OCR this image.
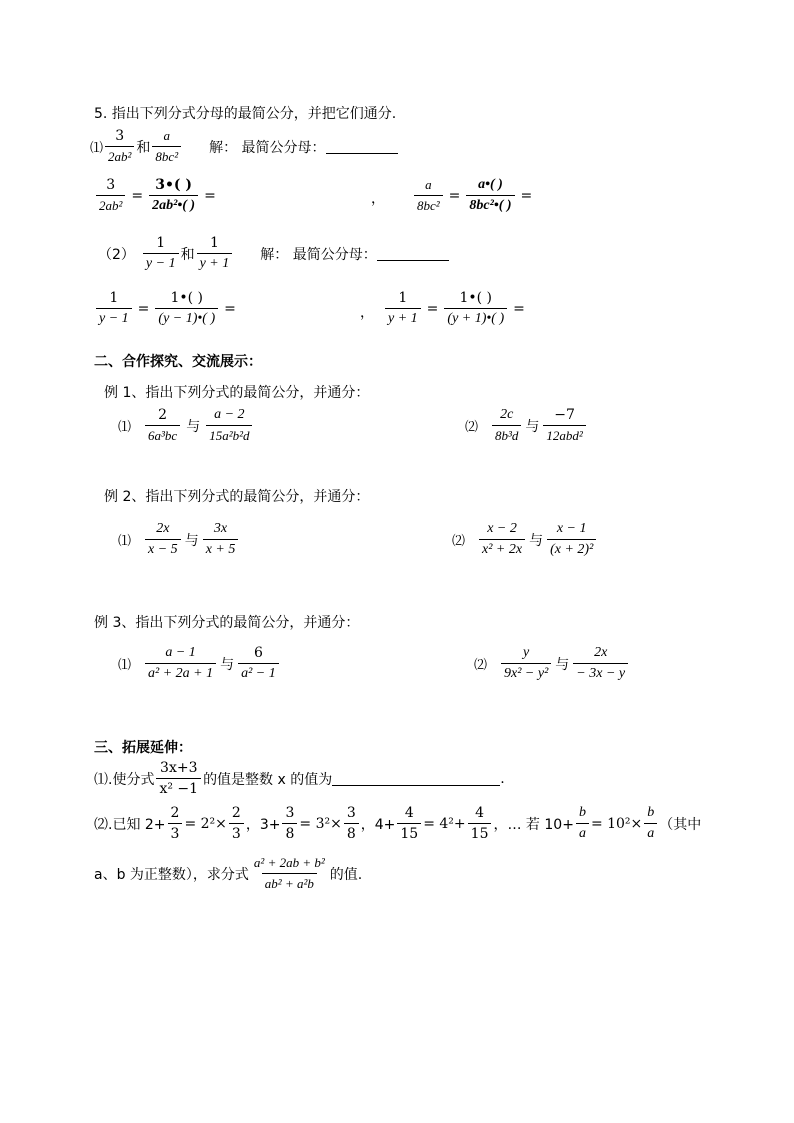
5. 指出下列分式分母的最简公分，并把它们通分.
⑴ $\frac{3}{\text{2ab²}}$ 和 $\frac{a}{\text{8bc²}}$ 解： 最简公分母：
$\frac{3}{\text{2ab²}} = \frac{3•( )}{\text{2ab²•( )}}$ =	， $\frac{a}{\text{8bc²}} = \frac{a•( )}{\text{8bc²•( )}}$ =
$(2) \frac{1}{y - 1}$ 和 $\frac{1}{y + 1}$ 解： 最简公分母：
$\frac{1}{y - 1} = \frac{1•( )}{(y - 1)•( )}$ =	， $\frac{1}{y + 1} = \frac{1•( )}{(y + 1)•( )}$ =
二、合作探究、交流展示：
例 1、指出下列分式的最简公分，并通分：
⑴ $\frac{2}{\text{6a³bc}}$ 与 $\frac{a - 2}{\text{15a²b²d}}$	⑵ $\frac{2c}{\text{8b³d}}$ 与 $\frac{-7}{\text{12abd²}}$
例 2、指出下列分式的最简公分，并通分：
⑴ $\frac{2x}{x - 5}$ 与 $\frac{3x}{x + 5}$	⑵ $\frac{x - 2}{\text{x² + 2x}}$ 与 $\frac{x - 1}{\text{(x + 2)²}}$
例 3、指出下列分式的最简公分，并通分：
⑴ $\frac{a - 1}{\text{a² + 2a + 1}}$ 与 $\frac{6}{\text{a² − 1}}$	⑵ $\frac{y}{\text{9x² − y²}}$ 与 $\frac{2x}{- 3x - y}$
三、拓展延伸：
⑴.使分式 $\frac{3x+3}{\text{x² −1}}$ 的值是整数 x 的值为	.
⑵.已知 $2+ \frac{2}{3} = 2^2\times \frac{2}{3}$ ，$3+ \frac{3}{8} = 3^2\times \frac{3}{8}$ ，$4+ \frac{4}{15} = 4^2+ \frac{4}{15}$ ，… 若 $10+ \frac{b}{a} = 10^2\times \frac{b}{a}$ （其中
a、b 为正整数），求分式 $\frac{\text{a² + 2ab + b²}}{\text{ab² + a²b}}$ 的值.
